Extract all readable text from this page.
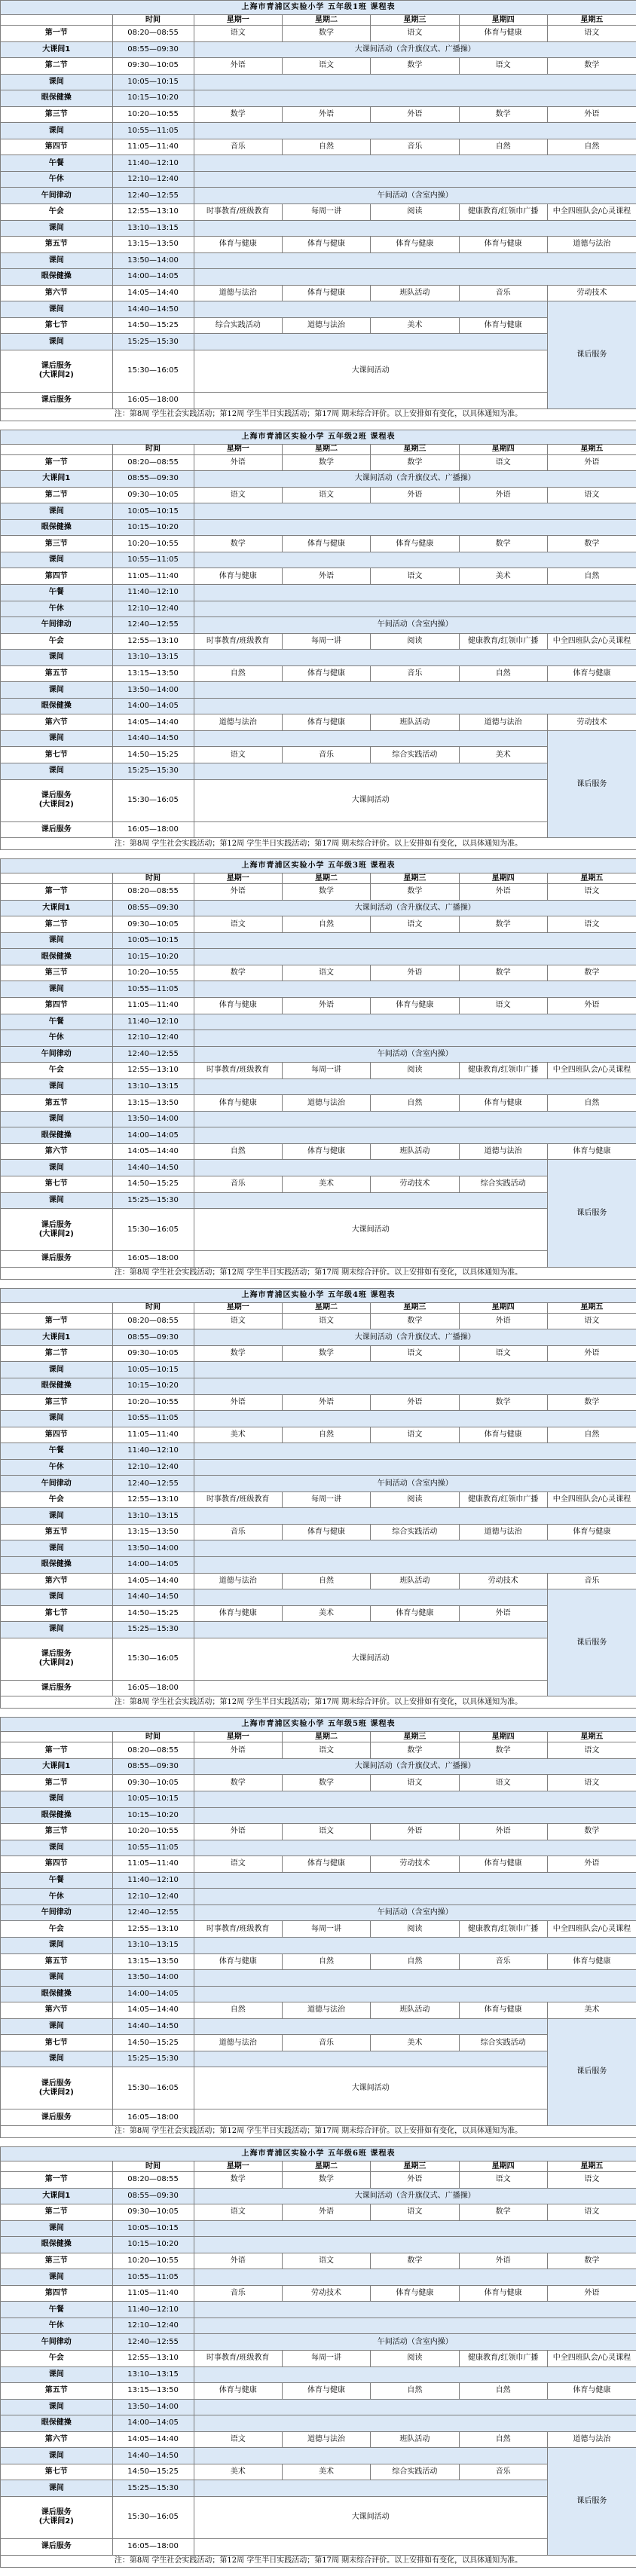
上海市青浦区实验小学 五年级1班 课程表						
	时间	星期一	星期二	星期三	星期四	星期五
第一节	08:20—08:55	语文	数学	语文	体育与健康	语文
大课间1	08:55—09:30	大课间活动（含升旗仪式、广播操）				
第二节	09:30—10:05	外语	语文	数学	语文	数学
课间	10:05—10:15					
眼保健操	10:15—10:20					
第三节	10:20—10:55	数学	外语	外语	数学	外语
课间	10:55—11:05					
第四节	11:05—11:40	音乐	自然	音乐	自然	自然
午餐	11:40—12:10					
午休	12:10—12:40					
午间律动	12:40—12:55	午间活动（含室内操）				
午会	12:55—13:10	时事教育/班级教育	每周一讲	阅读	健康教育/红领巾广播	中全四班队会/心灵课程
课间	13:10—13:15					
第五节	13:15—13:50	体育与健康	体育与健康	体育与健康	体育与健康	道德与法治
课间	13:50—14:00					
眼保健操	14:00—14:05					
第六节	14:05—14:40	道德与法治	体育与健康	班队活动	音乐	劳动技术
课间	14:40—14:50					课后服务
第七节	14:50—15:25	综合实践活动	道德与法治	美术	体育与健康	
课间	15:25—15:30					
课后服务
(大课间2)	15:30—16:05	大课间活动				
课后服务	16:05—18:00					
注：第8周 学生社会实践活动；第12周 学生半日实践活动；第17周 期末综合评价。以上安排如有变化，以具体通知为准。						
上海市青浦区实验小学 五年级2班 课程表						
	时间	星期一	星期二	星期三	星期四	星期五
第一节	08:20—08:55	外语	数学	数学	语文	外语
大课间1	08:55—09:30	大课间活动（含升旗仪式、广播操）				
第二节	09:30—10:05	语文	语文	外语	外语	语文
课间	10:05—10:15					
眼保健操	10:15—10:20					
第三节	10:20—10:55	数学	体育与健康	体育与健康	数学	数学
课间	10:55—11:05					
第四节	11:05—11:40	体育与健康	外语	语文	美术	自然
午餐	11:40—12:10					
午休	12:10—12:40					
午间律动	12:40—12:55	午间活动（含室内操）				
午会	12:55—13:10	时事教育/班级教育	每周一讲	阅读	健康教育/红领巾广播	中全四班队会/心灵课程
课间	13:10—13:15					
第五节	13:15—13:50	自然	体育与健康	音乐	自然	体育与健康
课间	13:50—14:00					
眼保健操	14:00—14:05					
第六节	14:05—14:40	道德与法治	体育与健康	班队活动	道德与法治	劳动技术
课间	14:40—14:50					课后服务
第七节	14:50—15:25	语文	音乐	综合实践活动	美术	
课间	15:25—15:30					
课后服务
(大课间2)	15:30—16:05	大课间活动				
课后服务	16:05—18:00					
注：第8周 学生社会实践活动；第12周 学生半日实践活动；第17周 期末综合评价。以上安排如有变化，以具体通知为准。						
上海市青浦区实验小学 五年级3班 课程表						
	时间	星期一	星期二	星期三	星期四	星期五
第一节	08:20—08:55	外语	数学	数学	外语	语文
大课间1	08:55—09:30	大课间活动（含升旗仪式、广播操）				
第二节	09:30—10:05	语文	自然	语文	数学	语文
课间	10:05—10:15					
眼保健操	10:15—10:20					
第三节	10:20—10:55	数学	语文	外语	数学	数学
课间	10:55—11:05					
第四节	11:05—11:40	体育与健康	外语	体育与健康	语文	外语
午餐	11:40—12:10					
午休	12:10—12:40					
午间律动	12:40—12:55	午间活动（含室内操）				
午会	12:55—13:10	时事教育/班级教育	每周一讲	阅读	健康教育/红领巾广播	中全四班队会/心灵课程
课间	13:10—13:15					
第五节	13:15—13:50	体育与健康	道德与法治	自然	体育与健康	自然
课间	13:50—14:00					
眼保健操	14:00—14:05					
第六节	14:05—14:40	自然	体育与健康	班队活动	道德与法治	体育与健康
课间	14:40—14:50					课后服务
第七节	14:50—15:25	音乐	美术	劳动技术	综合实践活动	
课间	15:25—15:30					
课后服务
(大课间2)	15:30—16:05	大课间活动				
课后服务	16:05—18:00					
注：第8周 学生社会实践活动；第12周 学生半日实践活动；第17周 期末综合评价。以上安排如有变化，以具体通知为准。						
上海市青浦区实验小学 五年级4班 课程表						
	时间	星期一	星期二	星期三	星期四	星期五
第一节	08:20—08:55	语文	语文	数学	外语	语文
大课间1	08:55—09:30	大课间活动（含升旗仪式、广播操）				
第二节	09:30—10:05	数学	数学	语文	语文	外语
课间	10:05—10:15					
眼保健操	10:15—10:20					
第三节	10:20—10:55	外语	外语	外语	数学	数学
课间	10:55—11:05					
第四节	11:05—11:40	美术	自然	语文	体育与健康	自然
午餐	11:40—12:10					
午休	12:10—12:40					
午间律动	12:40—12:55	午间活动（含室内操）				
午会	12:55—13:10	时事教育/班级教育	每周一讲	阅读	健康教育/红领巾广播	中全四班队会/心灵课程
课间	13:10—13:15					
第五节	13:15—13:50	音乐	体育与健康	综合实践活动	道德与法治	体育与健康
课间	13:50—14:00					
眼保健操	14:00—14:05					
第六节	14:05—14:40	道德与法治	自然	班队活动	劳动技术	音乐
课间	14:40—14:50					课后服务
第七节	14:50—15:25	体育与健康	美术	体育与健康	外语	
课间	15:25—15:30					
课后服务
(大课间2)	15:30—16:05	大课间活动				
课后服务	16:05—18:00					
注：第8周 学生社会实践活动；第12周 学生半日实践活动；第17周 期末综合评价。以上安排如有变化，以具体通知为准。						
上海市青浦区实验小学 五年级5班 课程表						
	时间	星期一	星期二	星期三	星期四	星期五
第一节	08:20—08:55	外语	语文	数学	数学	语文
大课间1	08:55—09:30	大课间活动（含升旗仪式、广播操）				
第二节	09:30—10:05	数学	数学	语文	语文	语文
课间	10:05—10:15					
眼保健操	10:15—10:20					
第三节	10:20—10:55	外语	语文	外语	外语	数学
课间	10:55—11:05					
第四节	11:05—11:40	语文	体育与健康	劳动技术	体育与健康	外语
午餐	11:40—12:10					
午休	12:10—12:40					
午间律动	12:40—12:55	午间活动（含室内操）				
午会	12:55—13:10	时事教育/班级教育	每周一讲	阅读	健康教育/红领巾广播	中全四班队会/心灵课程
课间	13:10—13:15					
第五节	13:15—13:50	体育与健康	自然	自然	音乐	体育与健康
课间	13:50—14:00					
眼保健操	14:00—14:05					
第六节	14:05—14:40	自然	道德与法治	班队活动	体育与健康	美术
课间	14:40—14:50					课后服务
第七节	14:50—15:25	道德与法治	音乐	美术	综合实践活动	
课间	15:25—15:30					
课后服务
(大课间2)	15:30—16:05	大课间活动				
课后服务	16:05—18:00					
注：第8周 学生社会实践活动；第12周 学生半日实践活动；第17周 期末综合评价。以上安排如有变化，以具体通知为准。						
上海市青浦区实验小学 五年级6班 课程表						
	时间	星期一	星期二	星期三	星期四	星期五
第一节	08:20—08:55	数学	数学	外语	语文	语文
大课间1	08:55—09:30	大课间活动（含升旗仪式、广播操）				
第二节	09:30—10:05	语文	外语	语文	数学	语文
课间	10:05—10:15					
眼保健操	10:15—10:20					
第三节	10:20—10:55	外语	语文	数学	外语	数学
课间	10:55—11:05					
第四节	11:05—11:40	音乐	劳动技术	体育与健康	体育与健康	外语
午餐	11:40—12:10					
午休	12:10—12:40					
午间律动	12:40—12:55	午间活动（含室内操）				
午会	12:55—13:10	时事教育/班级教育	每周一讲	阅读	健康教育/红领巾广播	中全四班队会/心灵课程
课间	13:10—13:15					
第五节	13:15—13:50	体育与健康	体育与健康	自然	自然	体育与健康
课间	13:50—14:00					
眼保健操	14:00—14:05					
第六节	14:05—14:40	语文	道德与法治	班队活动	自然	道德与法治
课间	14:40—14:50					课后服务
第七节	14:50—15:25	美术	美术	综合实践活动	音乐	
课间	15:25—15:30					
课后服务
(大课间2)	15:30—16:05	大课间活动				
课后服务	16:05—18:00					
注：第8周 学生社会实践活动；第12周 学生半日实践活动；第17周 期末综合评价。以上安排如有变化，以具体通知为准。						
